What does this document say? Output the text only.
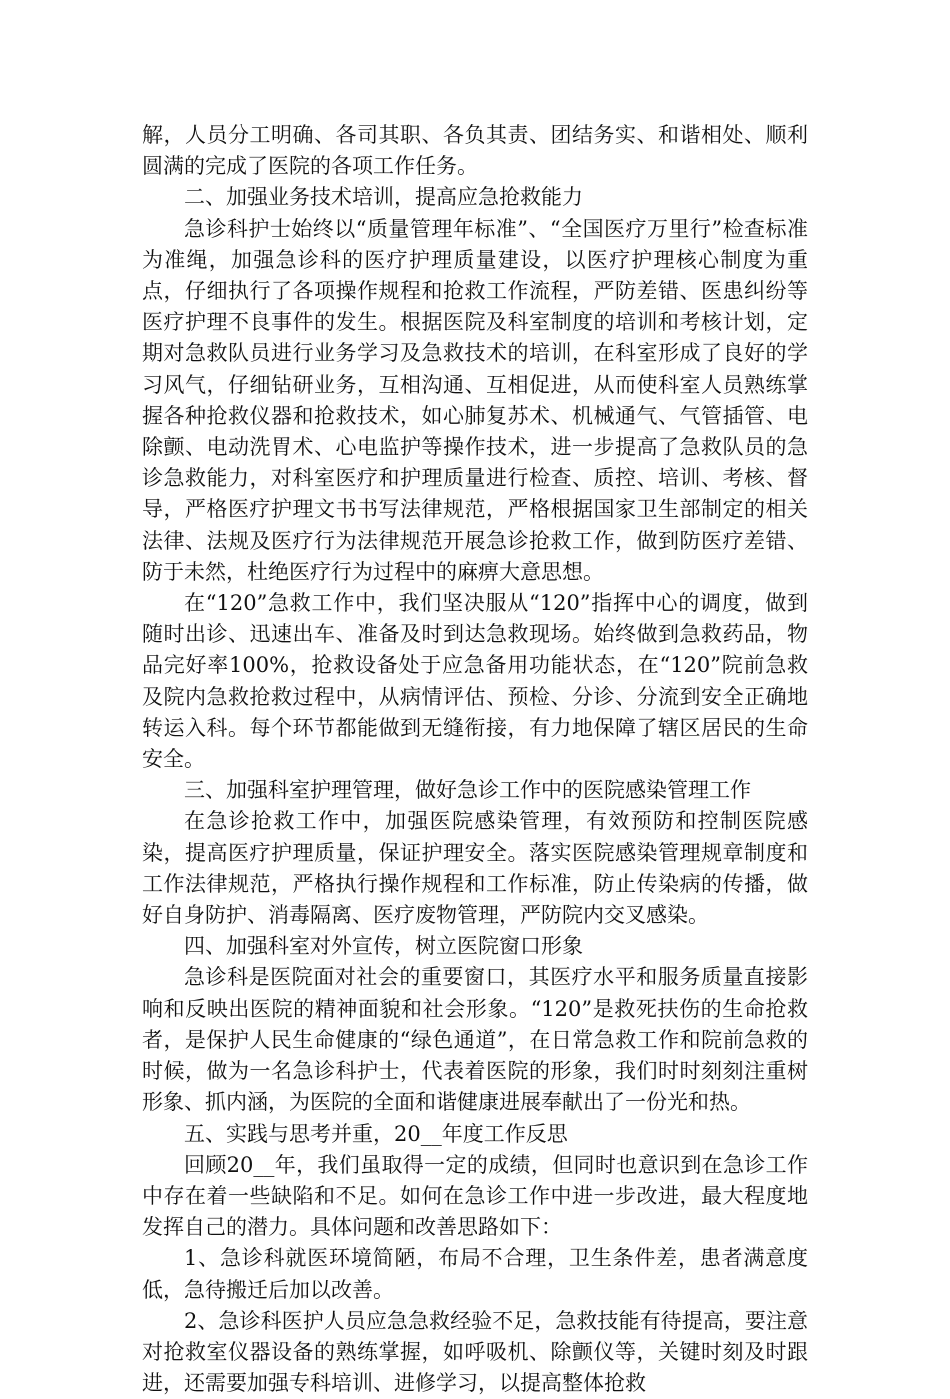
解，人员分工明确、各司其职、各负其责、团结务实、和谐相处、顺利圆满的完成了医院的各项工作任务。

二、加强业务技术培训，提高应急抢救能力

急诊科护士始终以“质量管理年标准”、“全国医疗万里行”检查标准为准绳，加强急诊科的医疗护理质量建设，以医疗护理核心制度为重点，仔细执行了各项操作规程和抢救工作流程，严防差错、医患纠纷等医疗护理不良事件的发生。根据医院及科室制度的培训和考核计划，定期对急救队员进行业务学习及急救技术的培训，在科室形成了良好的学习风气，仔细钻研业务，互相沟通、互相促进，从而使科室人员熟练掌握各种抢救仪器和抢救技术，如心肺复苏术、机械通气、气管插管、电除颤、电动洗胃术、心电监护等操作技术，进一步提高了急救队员的急诊急救能力，对科室医疗和护理质量进行检查、质控、培训、考核、督导，严格医疗护理文书书写法律规范，严格根据国家卫生部制定的相关法律、法规及医疗行为法律规范开展急诊抢救工作，做到防医疗差错、防于未然，杜绝医疗行为过程中的麻痹大意思想。

在“120”急救工作中，我们坚决服从“120”指挥中心的调度，做到随时出诊、迅速出车、准备及时到达急救现场。始终做到急救药品，物品完好率100%，抢救设备处于应急备用功能状态，在“120”院前急救及院内急救抢救过程中，从病情评估、预检、分诊、分流到安全正确地转运入科。每个环节都能做到无缝衔接，有力地保障了辖区居民的生命安全。

三、加强科室护理管理，做好急诊工作中的医院感染管理工作

在急诊抢救工作中，加强医院感染管理，有效预防和控制医院感染，提高医疗护理质量，保证护理安全。落实医院感染管理规章制度和工作法律规范，严格执行操作规程和工作标准，防止传染病的传播，做好自身防护、消毒隔离、医疗废物管理，严防院内交叉感染。

四、加强科室对外宣传，树立医院窗口形象

急诊科是医院面对社会的重要窗口，其医疗水平和服务质量直接影响和反映出医院的精神面貌和社会形象。“120”是救死扶伤的生命抢救者，是保护人民生命健康的“绿色通道”，在日常急救工作和院前急救的时候，做为一名急诊科护士，代表着医院的形象，我们时时刻刻注重树形象、抓内涵，为医院的全面和谐健康进展奉献出了一份光和热。

五、实践与思考并重，20__年度工作反思

回顾20__年，我们虽取得一定的成绩，但同时也意识到在急诊工作中存在着一些缺陷和不足。如何在急诊工作中进一步改进，最大程度地发挥自己的潜力。具体问题和改善思路如下：

1、急诊科就医环境简陋，布局不合理，卫生条件差，患者满意度低，急待搬迁后加以改善。

2、急诊科医护人员应急急救经验不足，急救技能有待提高，要注意对抢救室仪器设备的熟练掌握，如呼吸机、除颤仪等，关键时刻及时跟进，还需要加强专科培训、进修学习，以提高整体抢救
